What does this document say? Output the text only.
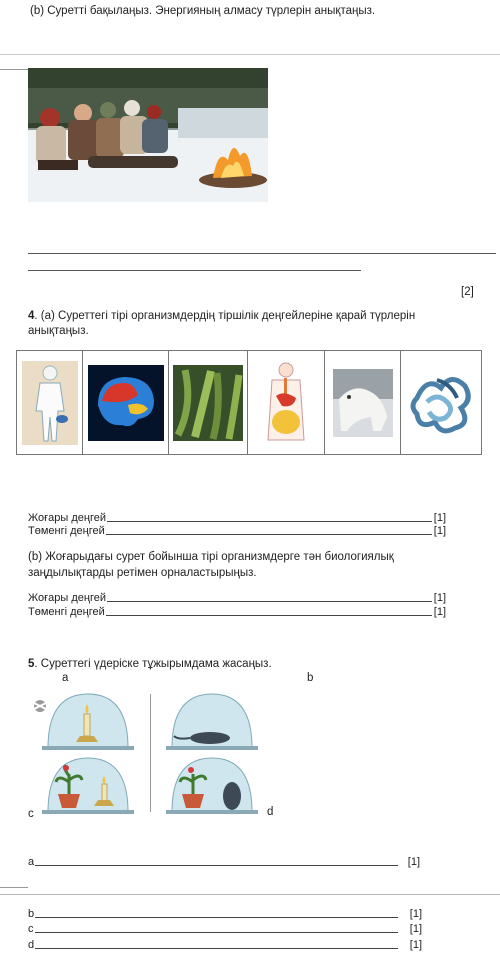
(b) Суретті бақылаңыз. Энергияның алмасу түрлерін анықтаңыз.
[2]
4. (а) Суреттегі тірі организмдердің тіршілік деңгейлеріне қарай түрлерін
анықтаңыз.
Жоғары деңгей	[1]
Төменгі деңгей	[1]
(b) Жоғарыдағы сурет бойынша тірі организмдерге тән биологиялық
заңдылықтарды ретімен орналастырыңыз.
Жоғары деңгей	[1]
Төменгі деңгей	[1]
5. Суреттегі үдеріске тұжырымдама жасаңыз.
a	b
c	d
a	[1]
b	[1]
c	[1]
d	[1]
